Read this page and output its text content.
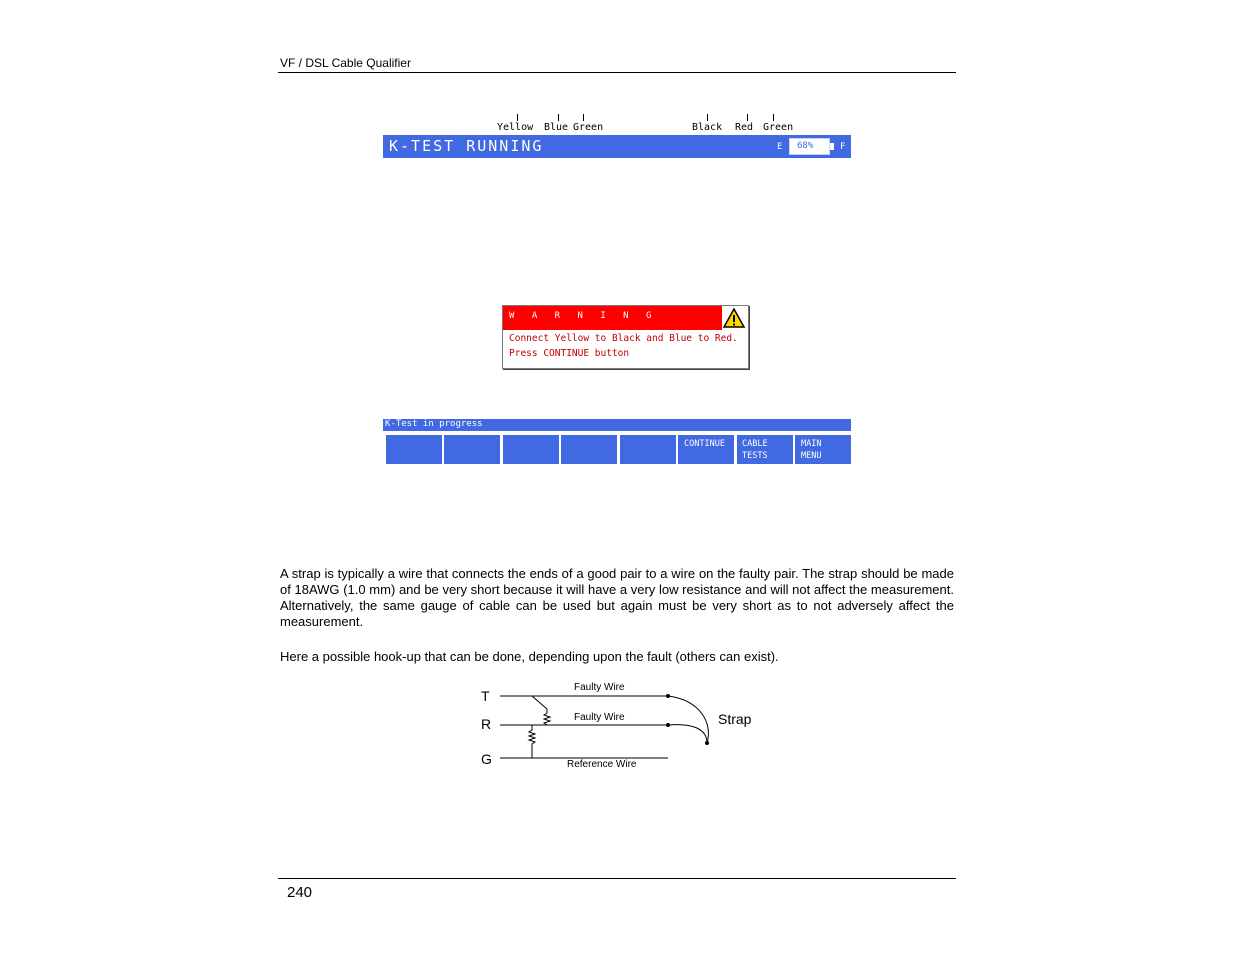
VF / DSL Cable Qualifier
Yellow Blue Green	Black Red Green
K-TEST RUNNING	E 68%	F
W A R N I N G
Connect Yellow to Black and Blue to Red.
Press CONTINUE button
K-Test in progress
CONTINUE CABLE
TESTS
MAIN
MENU
A strap is typically a wire that connects the ends of a good pair to a wire on the faulty pair. The strap should be made of 18AWG (1.0 mm) and be very short because it will have a very low resistance and will not affect the measurement. Alternatively, the same gauge of cable can be used but again must be very short as to not adversely affect the measurement.
Here a possible hook-up that can be done, depending upon the fault (others can exist).
T
R
G
Faulty Wire
Faulty Wire
Reference Wire
Strap
240
